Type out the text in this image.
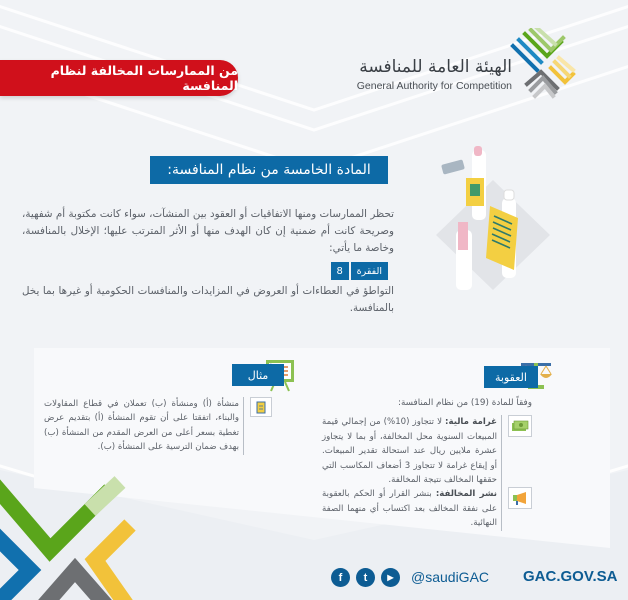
الهيئة العامة للمنافسة
General Authority for Competition
من الممارسات المخالفة لنظام المنافسة
المادة الخامسة من نظام المنافسة:
تحظر الممارسات ومنها الاتفاقيات أو العقود بين المنشآت، سواء كانت مكتوبة أم شفهية، وصريحة كانت أم ضمنية إن كان الهدف منها أو الأثر المترتب عليها؛ الإخلال بالمنافسة، وخاصة ما يأتي:
الفقرة
8
التواطؤ في العطاءات أو العروض في المزايدات والمنافسات الحكومية أو غيرها بما يخل بالمنافسة.
العقوبة
وفقاً للمادة (19) من نظام المنافسة:
غرامة مالية: لا تتجاوز (10%) من إجمالي قيمة المبيعات السنوية محل المخالفة، أو بما لا يتجاوز عشرة ملايين ريال عند استحالة تقدير المبيعات. أو إيقاع غرامة لا تتجاوز 3 أضعاف المكاسب التي حققها المخالف نتيجة المخالفة.
نشر المخالفة: بنشر القرار أو الحكم بالعقوبة على نفقة المخالف بعد اكتساب أي منهما الصفة النهائية.
مثال
منشأة (أ) ومنشأة (ب) تعملان في قطاع المقاولات والبناء، اتفقتا على أن تقوم المنشأة (أ) بتقديم عرض تغطية بسعر أعلى من العرض المقدم من المنشأة (ب) بهدف ضمان الترسية على المنشأة (ب).
f	t	▶	@saudiGAC GAC.GOV.SA
